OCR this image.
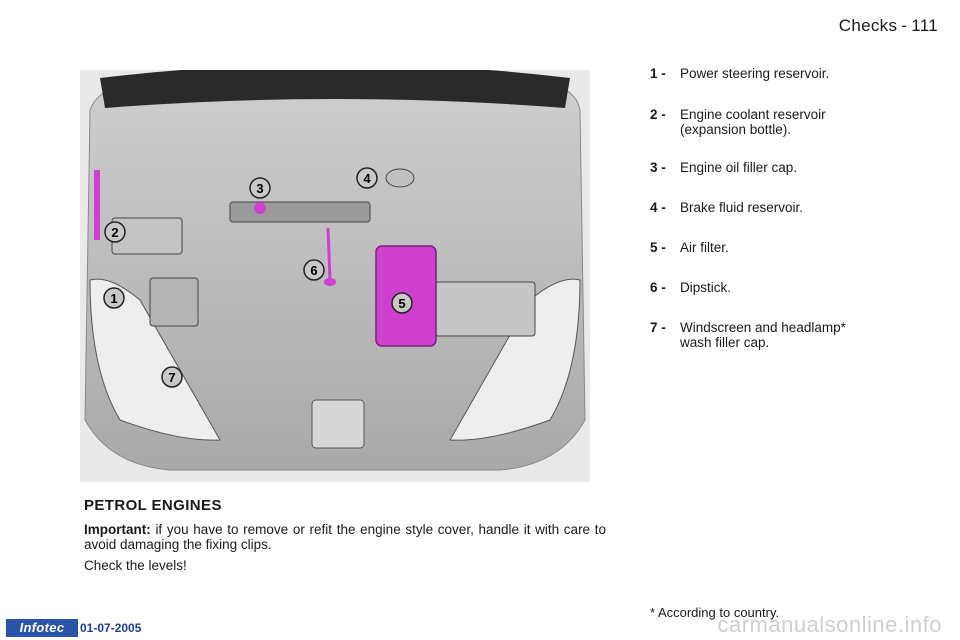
Checks - 111
1
2
3
4
5
6
7
1 -	Power steering reservoir.
2 -	Engine coolant reservoir (expansion bottle).
3 -	Engine oil filler cap.
4 -	Brake fluid reservoir.
5 -	Air filter.
6 -	Dipstick.
7 -	Windscreen and headlamp* wash filler cap.
PETROL ENGINES
Important: if you have to remove or refit the engine style cover, handle it with care to avoid damaging the fixing clips.
Check the levels!
* According to country.
Infotec	01-07-2005	carmanualsonline.info
